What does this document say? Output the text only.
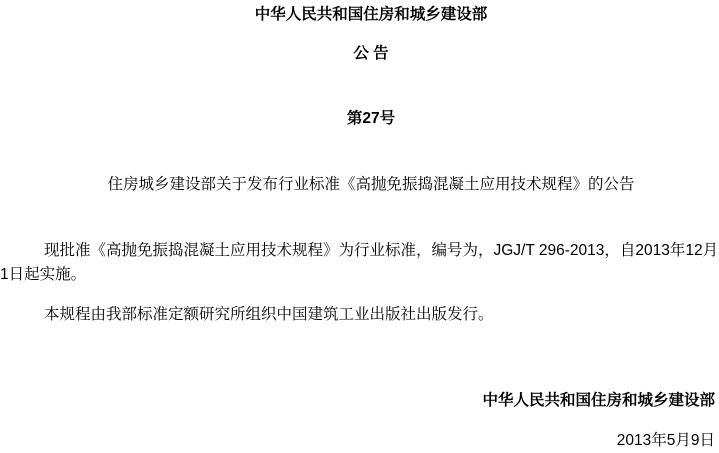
中华人民共和国住房和城乡建设部
公 告
第27号
住房城乡建设部关于发布行业标准《高抛免振捣混凝土应用技术规程》的公告

现批准《高抛免振捣混凝土应用技术规程》为行业标准，编号为，JGJ/T 296-2013，自2013年12月1日起实施。

本规程由我部标准定额研究所组织中国建筑工业出版社出版发行。

中华人民共和国住房和城乡建设部
2013年5月9日
